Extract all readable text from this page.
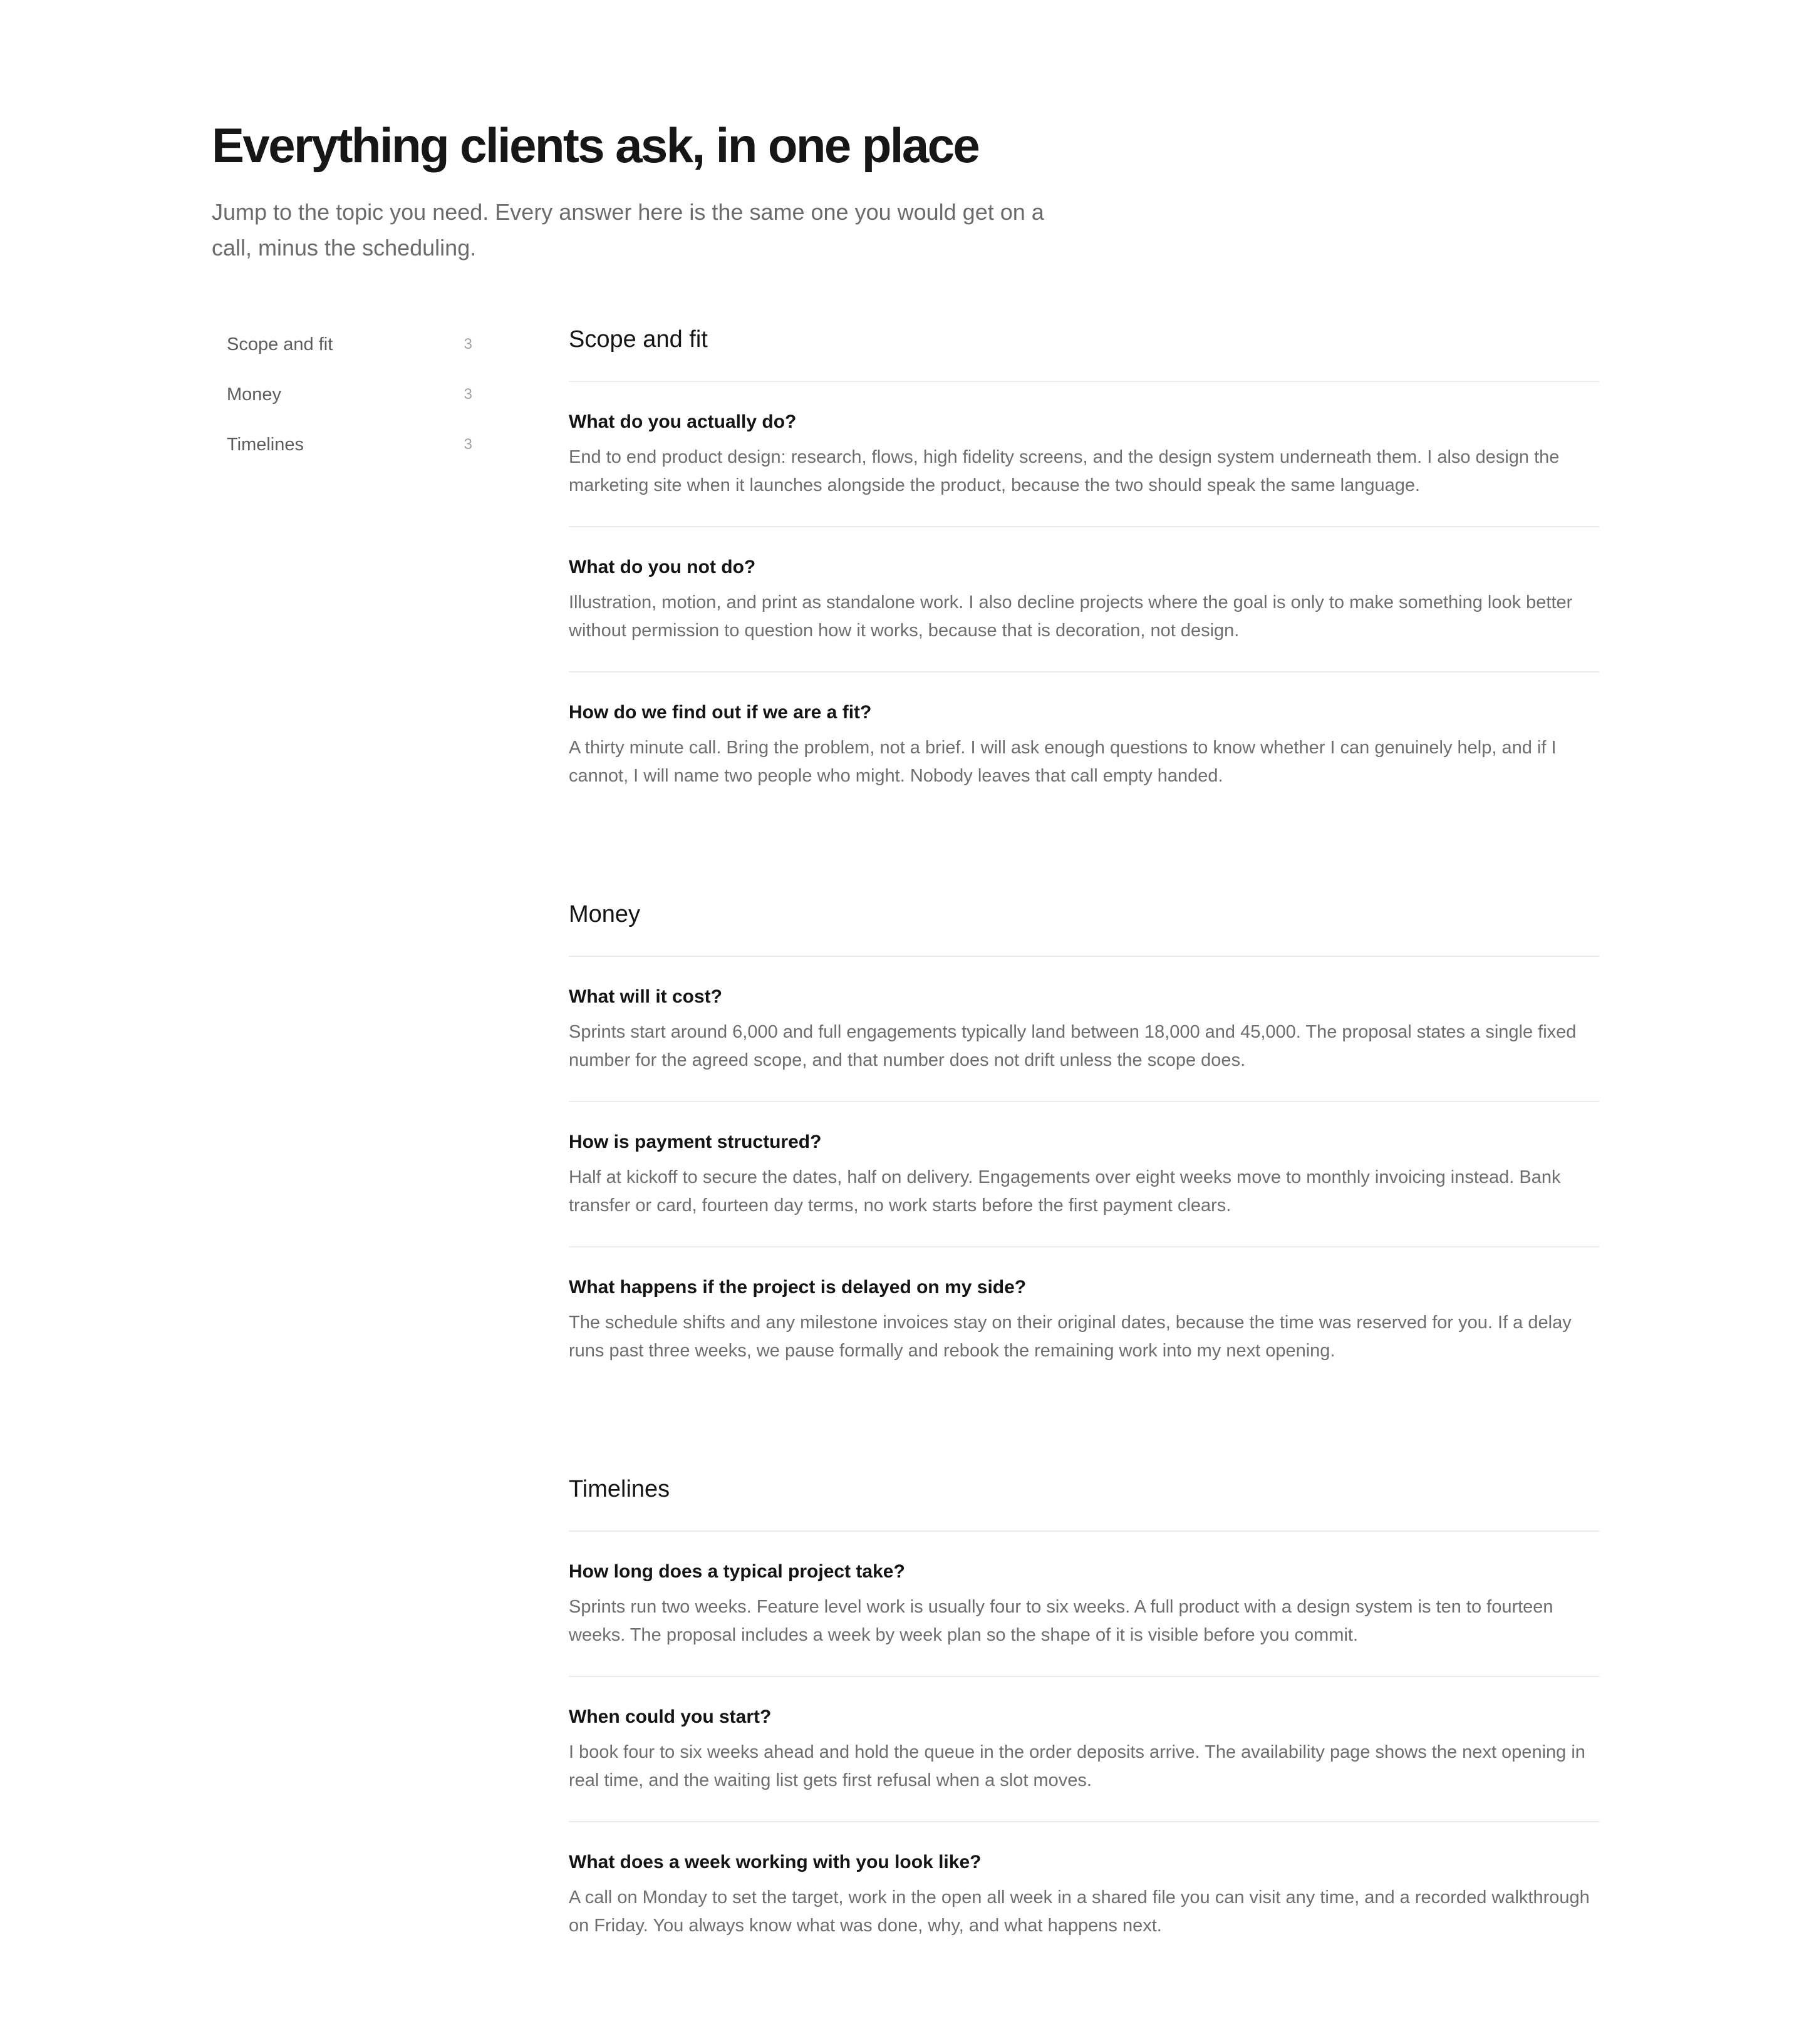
Everything clients ask, in one place

Jump to the topic you need. Every answer here is the same one you would get on a call, minus the scheduling.

Scope and fit	3
Money	3
Timelines	3
Scope and fit
What do you actually do?

End to end product design: research, flows, high fidelity screens, and the design system underneath them. I also design the marketing site when it launches alongside the product, because the two should speak the same language.

What do you not do?

Illustration, motion, and print as standalone work. I also decline projects where the goal is only to make something look better without permission to question how it works, because that is decoration, not design.

How do we find out if we are a fit?

A thirty minute call. Bring the problem, not a brief. I will ask enough questions to know whether I can genuinely help, and if I cannot, I will name two people who might. Nobody leaves that call empty handed.

Money
What will it cost?

Sprints start around 6,000 and full engagements typically land between 18,000 and 45,000. The proposal states a single fixed number for the agreed scope, and that number does not drift unless the scope does.

How is payment structured?

Half at kickoff to secure the dates, half on delivery. Engagements over eight weeks move to monthly invoicing instead. Bank transfer or card, fourteen day terms, no work starts before the first payment clears.

What happens if the project is delayed on my side?

The schedule shifts and any milestone invoices stay on their original dates, because the time was reserved for you. If a delay runs past three weeks, we pause formally and rebook the remaining work into my next opening.

Timelines
How long does a typical project take?

Sprints run two weeks. Feature level work is usually four to six weeks. A full product with a design system is ten to fourteen weeks. The proposal includes a week by week plan so the shape of it is visible before you commit.

When could you start?

I book four to six weeks ahead and hold the queue in the order deposits arrive. The availability page shows the next opening in real time, and the waiting list gets first refusal when a slot moves.

What does a week working with you look like?

A call on Monday to set the target, work in the open all week in a shared file you can visit any time, and a recorded walkthrough on Friday. You always know what was done, why, and what happens next.
